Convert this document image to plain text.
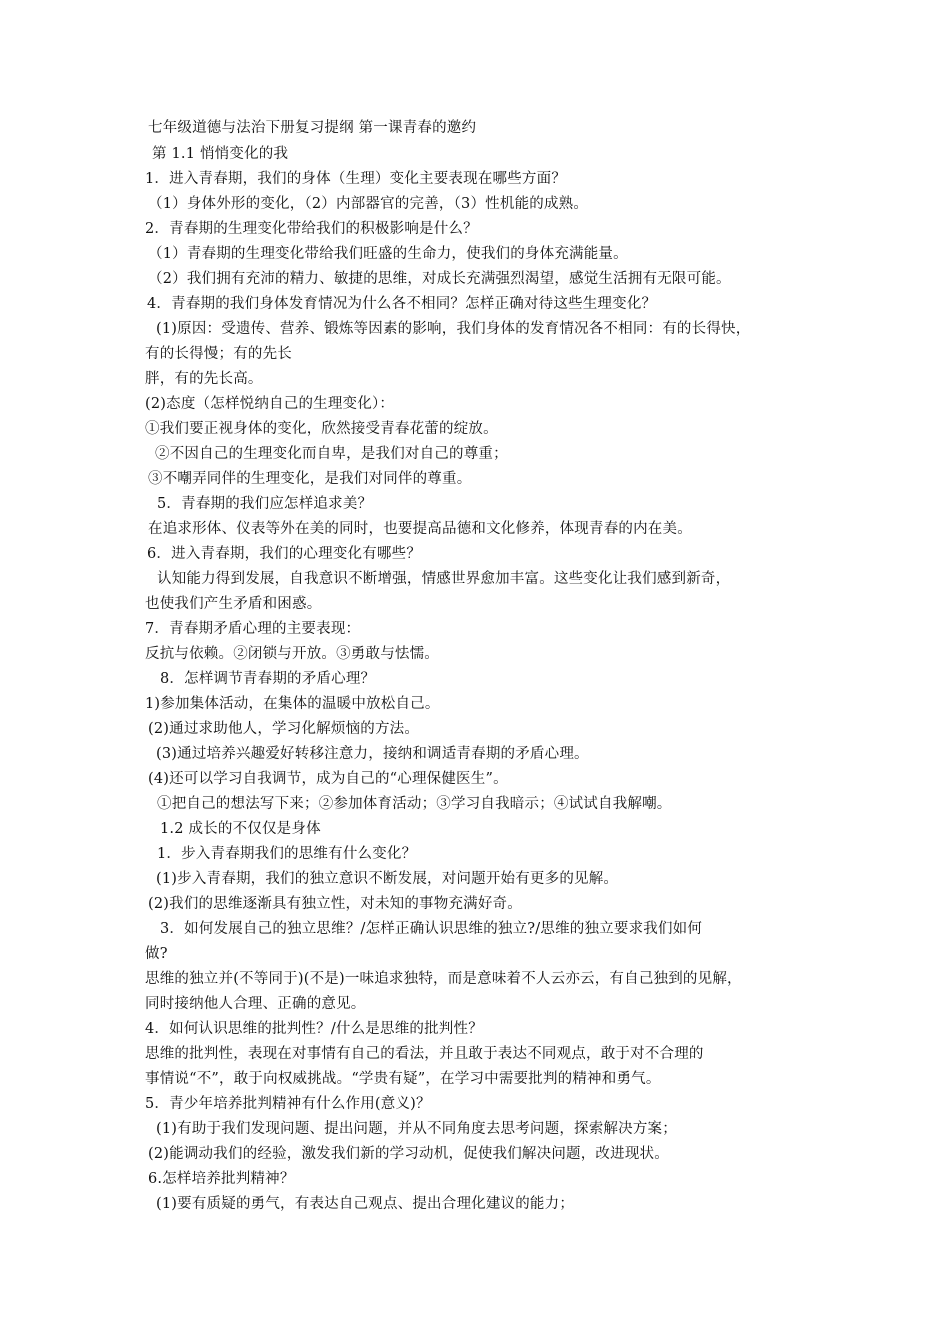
七年级道德与法治下册复习提纲 第一课青春的邀约
第 1.1 悄悄变化的我
1．进入青春期，我们的身体（生理）变化主要表现在哪些方面？
（1）身体外形的变化，（2）内部器官的完善，（3）性机能的成熟。
2．青春期的生理变化带给我们的积极影响是什么？
（1）青春期的生理变化带给我们旺盛的生命力，使我们的身体充满能量。
（2）我们拥有充沛的精力、敏捷的思维，对成长充满强烈渴望，感觉生活拥有无限可能。
4．青春期的我们身体发育情况为什么各不相同？怎样正确对待这些生理变化？
(1)原因：受遗传、营养、锻炼等因素的影响，我们身体的发育情况各不相同：有的长得快，
有的长得慢；有的先长
胖，有的先长高。
(2)态度（怎样悦纳自己的生理变化）：
①我们要正视身体的变化，欣然接受青春花蕾的绽放。
②不因自己的生理变化而自卑，是我们对自己的尊重；
③不嘲弄同伴的生理变化，是我们对同伴的尊重。
5．青春期的我们应怎样追求美？
在追求形体、仪表等外在美的同时，也要提高品德和文化修养，体现青春的内在美。
6．进入青春期，我们的心理变化有哪些？
认知能力得到发展，自我意识不断增强，情感世界愈加丰富。这些变化让我们感到新奇，
也使我们产生矛盾和困惑。
7．青春期矛盾心理的主要表现：
反抗与依赖。②闭锁与开放。③勇敢与怯懦。
8．怎样调节青春期的矛盾心理？
1)参加集体活动，在集体的温暖中放松自己。
(2)通过求助他人，学习化解烦恼的方法。
(3)通过培养兴趣爱好转移注意力，接纳和调适青春期的矛盾心理。
(4)还可以学习自我调节，成为自己的“心理保健医生”。
①把自己的想法写下来；②参加体育活动；③学习自我暗示；④试试自我解嘲。
1.2 成长的不仅仅是身体
1．步入青春期我们的思维有什么变化？
(1)步入青春期，我们的独立意识不断发展，对问题开始有更多的见解。
(2)我们的思维逐渐具有独立性，对未知的事物充满好奇。
3．如何发展自己的独立思维？/怎样正确认识思维的独立?/思维的独立要求我们如何
做?
思维的独立并(不等同于)(不是)一味追求独特，而是意味着不人云亦云，有自己独到的见解，
同时接纳他人合理、正确的意见。
4．如何认识思维的批判性？/什么是思维的批判性？
思维的批判性，表现在对事情有自己的看法，并且敢于表达不同观点，敢于对不合理的
事情说“不”，敢于向权威挑战。“学贵有疑”，在学习中需要批判的精神和勇气。
5．青少年培养批判精神有什么作用(意义)？
(1)有助于我们发现问题、提出问题，并从不同角度去思考问题，探索解决方案；
(2)能调动我们的经验，激发我们新的学习动机，促使我们解决问题，改进现状。
6.怎样培养批判精神？
(1)要有质疑的勇气，有表达自己观点、提出合理化建议的能力；
